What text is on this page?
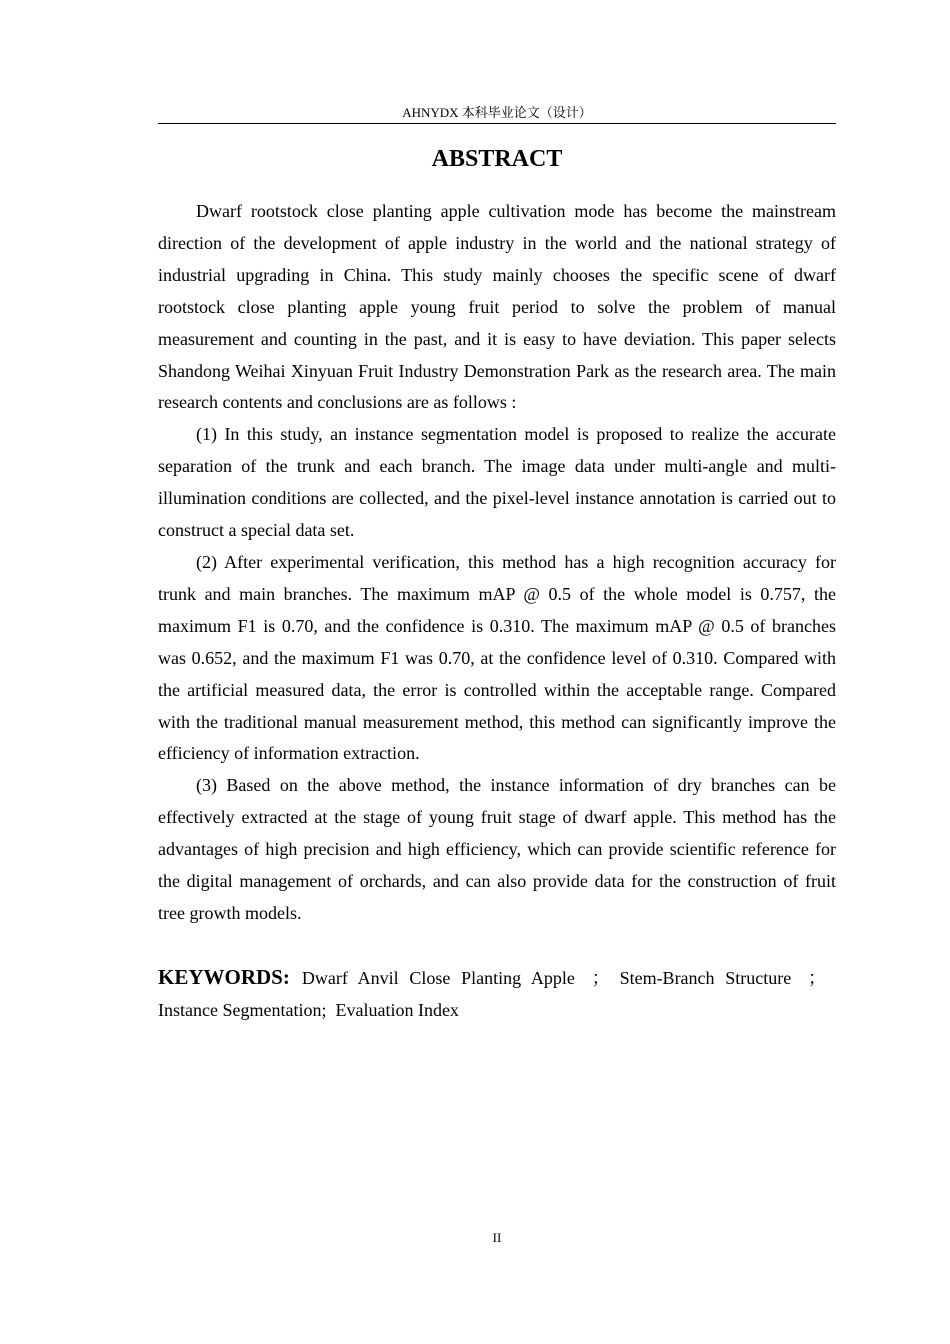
AHNYDX 本科毕业论文（设计）
ABSTRACT

Dwarf rootstock close planting apple cultivation mode has become the mainstream direction of the development of apple industry in the world and the national strategy of industrial upgrading in China. This study mainly chooses the specific scene of dwarf rootstock close planting apple young fruit period to solve the problem of manual measurement and counting in the past, and it is easy to have deviation. This paper selects Shandong Weihai Xinyuan Fruit Industry Demonstration Park as the research area. The main research contents and conclusions are as follows :

(1) In this study, an instance segmentation model is proposed to realize the accurate separation of the trunk and each branch. The image data under multi-angle and multi-illumination conditions are collected, and the pixel-level instance annotation is carried out to construct a special data set.

(2) After experimental verification, this method has a high recognition accuracy for trunk and main branches. The maximum mAP @ 0.5 of the whole model is 0.757, the maximum F1 is 0.70, and the confidence is 0.310. The maximum mAP @ 0.5 of branches was 0.652, and the maximum F1 was 0.70, at the confidence level of 0.310. Compared with the artificial measured data, the error is controlled within the acceptable range. Compared with the traditional manual measurement method, this method can significantly improve the efficiency of information extraction.

(3) Based on the above method, the instance information of dry branches can be effectively extracted at the stage of young fruit stage of dwarf apple. This method has the advantages of high precision and high efficiency, which can provide scientific reference for the digital management of orchards, and can also provide data for the construction of fruit tree growth models.

KEYWORDS: Dwarf Anvil Close Planting Apple ； Stem-Branch Structure ；Instance Segmentation; Evaluation Index

II
